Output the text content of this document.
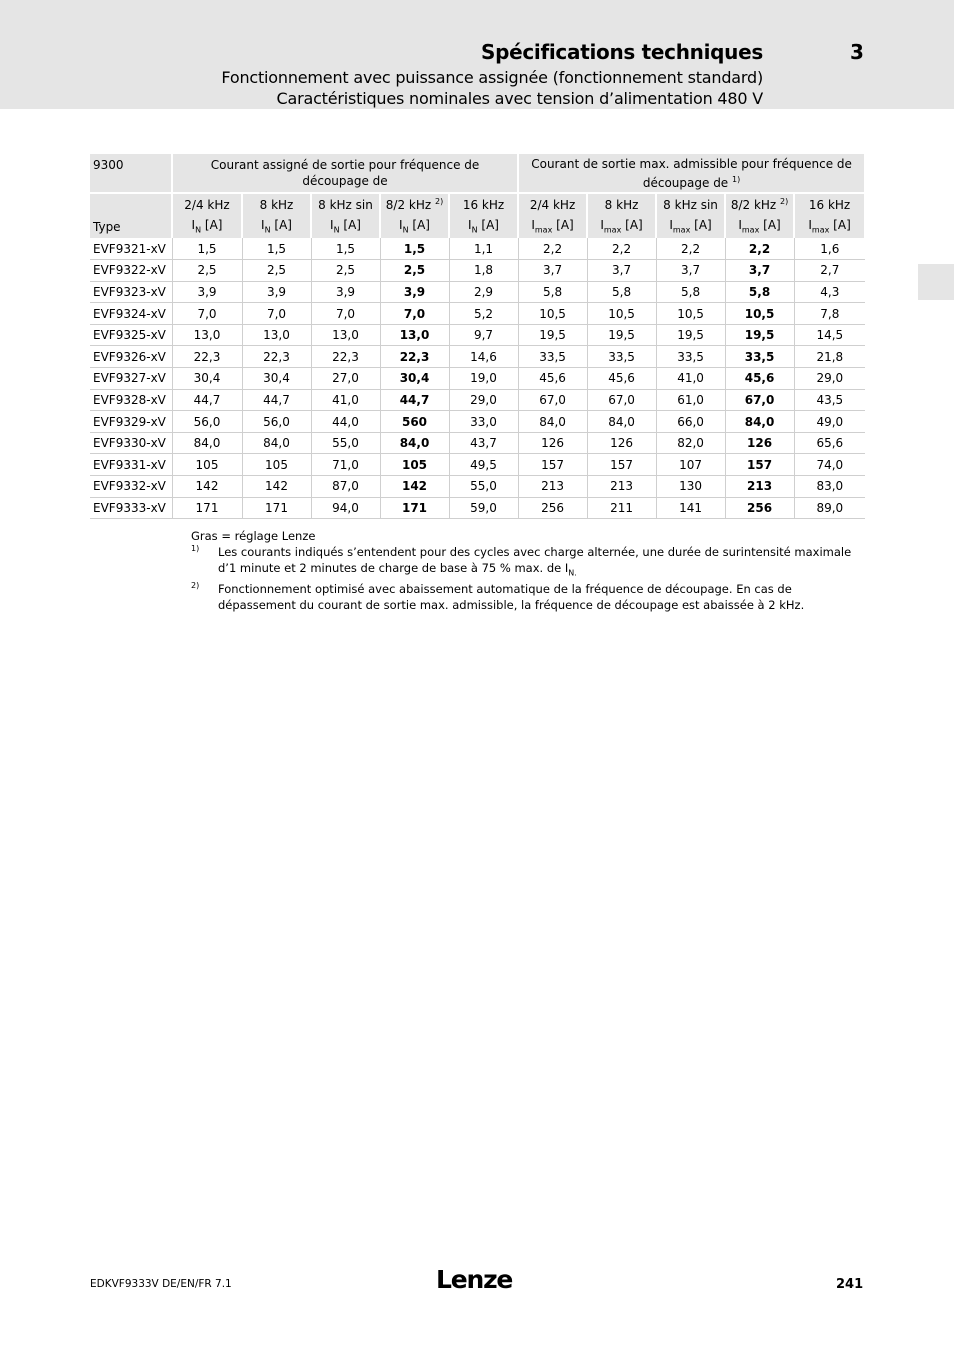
Spécifications techniques	3
Fonctionnement avec puissance assignée (fonctionnement standard)
Caractéristiques nominales avec tension d’alimentation 480 V
9300	Courant assigné de sortie pour fréquence de découpage de					Courant de sortie max. admissible pour fréquence de découpage de $^{1)}$
	2/4 kHz	8 kHz	8 kHz sin	8/2 kHz $^{2)}$	16 kHz	2/4 kHz	8 kHz	8 kHz sin	8/2 kHz $^{2)}$	16 kHz
Type	$I_N$ [A]	$I_N$ [A]	$I_N$ [A]	$I_N$ [A]	$I_N$ [A]	$I_{max}$ [A]	$I_{max}$ [A]	$I_{max}$ [A]	$I_{max}$ [A]	$I_{max}$ [A]
EVF9321-xV	1,5	1,5	1,5	1,5	1,1	2,2	2,2	2,2	2,2	1,6
EVF9322-xV	2,5	2,5	2,5	2,5	1,8	3,7	3,7	3,7	3,7	2,7
EVF9323-xV	3,9	3,9	3,9	3,9	2,9	5,8	5,8	5,8	5,8	4,3
EVF9324-xV	7,0	7,0	7,0	7,0	5,2	10,5	10,5	10,5	10,5	7,8
EVF9325-xV	13,0	13,0	13,0	13,0	9,7	19,5	19,5	19,5	19,5	14,5
EVF9326-xV	22,3	22,3	22,3	22,3	14,6	33,5	33,5	33,5	33,5	21,8
EVF9327-xV	30,4	30,4	27,0	30,4	19,0	45,6	45,6	41,0	45,6	29,0
EVF9328-xV	44,7	44,7	41,0	44,7	29,0	67,0	67,0	61,0	67,0	43,5
EVF9329-xV	56,0	56,0	44,0	560	33,0	84,0	84,0	66,0	84,0	49,0
EVF9330-xV	84,0	84,0	55,0	84,0	43,7	126	126	82,0	126	65,6
EVF9331-xV	105	105	71,0	105	49,5	157	157	107	157	74,0
EVF9332-xV	142	142	87,0	142	55,0	213	213	130	213	83,0
EVF9333-xV	171	171	94,0	171	59,0	256	211	141	256	89,0
Gras = réglage Lenze
1) Les courants indiqués s’entendent pour des cycles avec charge alternée, une durée de surintensité maximale d’1 minute et 2 minutes de charge de base à 75 % max. de $I_{N.}$
2) Fonctionnement optimisé avec abaissement automatique de la fréquence de découpage. En cas de dépassement du courant de sortie max. admissible, la fréquence de découpage est abaissée à 2 kHz.
EDKVF9333V DE/EN/FR 7.1	Lenze	241
